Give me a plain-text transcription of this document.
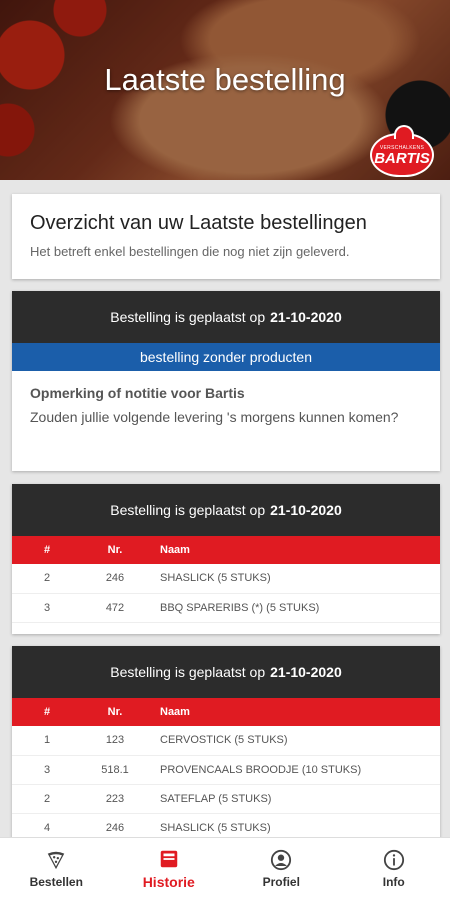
Laatste bestelling
VERSCHALKENS
BARTIS
Overzicht van uw Laatste bestellingen

Het betreft enkel bestellingen die nog niet zijn geleverd.

Bestelling is geplaatst op 21-10-2020
bestelling zonder producten
Opmerking of notitie voor Bartis
Zouden jullie volgende levering 's morgens kunnen komen?
Bestelling is geplaatst op 21-10-2020
#	Nr.	Naam
2	246	SHASLICK (5 STUKS)
3	472	BBQ SPARERIBS (*) (5 STUKS)
Bestelling is geplaatst op 21-10-2020
#	Nr.	Naam
1	123	CERVOSTICK (5 STUKS)
3	518.1	PROVENCAALS BROODJE (10 STUKS)
2	223	SATEFLAP (5 STUKS)
4	246	SHASLICK (5 STUKS)
Bestellen	Historie	Profiel	Info
